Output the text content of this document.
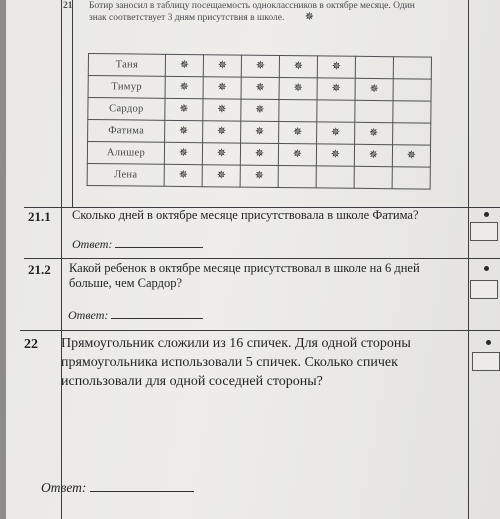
21 Ботир заносил в таблицу посещаемость одноклассников в октябре месяце. Один знак соответствует 3 дням присутствия в школе. ✵
Таня	✵	✵	✵	✵	✵		
Тимур	✵	✵	✵	✵	✵	✵	
Сардор	✵	✵	✵				
Фатима	✵	✵	✵	✵	✵	✵	
Алишер	✵	✵	✵	✵	✵	✵	✵
Лена	✵	✵	✵				
21.1 Сколько дней в октябре месяце присутствовала в школе Фатима?
Ответ:
21.2 Какой ребенок в октябре месяце присутствовал в школе на 6 дней
больше, чем Сардор?
Ответ:
22 Прямоугольник сложили из 16 спичек. Для одной стороны
прямоугольника использовали 5 спичек. Сколько спичек
использовали для одной соседней стороны?
Ответ:
